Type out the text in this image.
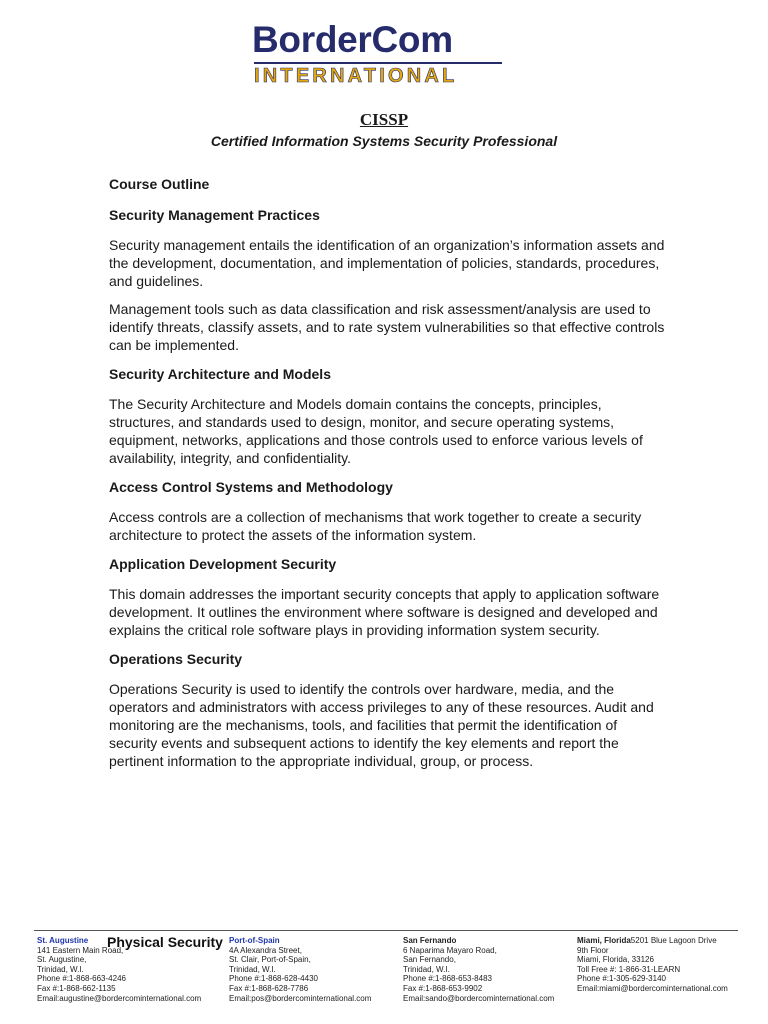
BorderCom
INTERNATIONAL
CISSP
Certified Information Systems Security Professional
Course Outline
Security Management Practices

Security management entails the identification of an organization’s information assets and the development, documentation, and implementation of policies, standards, procedures, and guidelines.

Management tools such as data classification and risk assessment/analysis are used to identify threats, classify assets, and to rate system vulnerabilities so that effective controls can be implemented.

Security Architecture and Models

The Security Architecture and Models domain contains the concepts, principles, structures, and standards used to design, monitor, and secure operating systems, equipment, networks, applications and those controls used to enforce various levels of availability, integrity, and confidentiality.

Access Control Systems and Methodology

Access controls are a collection of mechanisms that work together to create a security architecture to protect the assets of the information system.

Application Development Security

This domain addresses the important security concepts that apply to application software development. It outlines the environment where software is designed and developed and explains the critical role software plays in providing information system security.

Operations Security

Operations Security is used to identify the controls over hardware, media, and the operators and administrators with access privileges to any of these resources. Audit and monitoring are the mechanisms, tools, and facilities that permit the identification of security events and subsequent actions to identify the key elements and report the pertinent information to the appropriate individual, group, or process.

St. Augustine
141 Eastern Main Road,
St. Augustine,
Trinidad, W.I.
Phone #:1-868-663-4246
Fax #:1-868-662-1135
Email:augustine@bordercominternational.com
Port-of-Spain
4A Alexandra Street,
St. Clair, Port-of-Spain,
Trinidad, W.I.
Phone #:1-868-628-4430
Fax #:1-868-628-7786
Email:pos@bordercominternational.com
San Fernando
6 Naparima Mayaro Road,
San Fernando,
Trinidad, W.I.
Phone #:1-868-653-8483
Fax #:1-868-653-9902
Email:sando@bordercominternational.com
Miami, Florida5201 Blue Lagoon Drive
9th Floor
Miami, Florida, 33126
Toll Free #: 1-866-31-LEARN
Phone #:1-305-629-3140
Email:miami@bordercominternational.com
Physical Security
